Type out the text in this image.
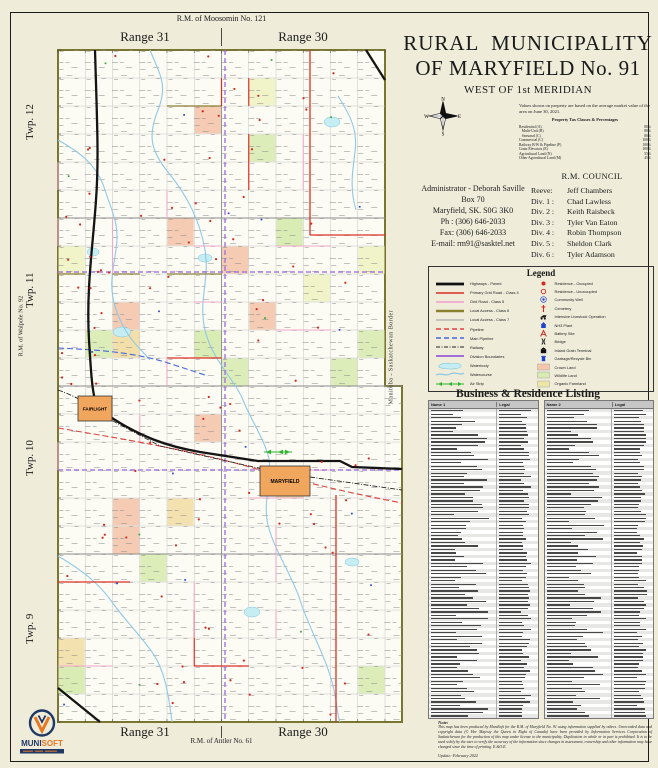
FAIRLIGHT
MARYFIELD
R.M. of Moosomin No. 121
Range 31	Range 30
Range 31	Range 30
R.M. of Antler No. 61
Twp. 12
Twp. 11
Twp. 10
Twp. 9
R.M. of Walpole No. 92	Manitoba - Saskatchewan Border
RURAL  MUNICIPALITY
OF MARYFIELD No. 91
WEST OF 1st MERIDIAN
N
S
W	E
Values shown on property are based on the average market value of the area on June 30, 2021.
Property Tax Classes & Percentages
Residential (A)	80%
Multi-Unit (B)	80%
Seasonal (C)	80%
Commercial (C)	100%
Railway R/W & Pipeline (P)	100%
Grain Elevators (E)	100%
Agricultural Land (N)	55%
Other Agricultural Land (M)	45%
Administrator - Deborah Saville
Box 70
Maryfield, SK. S0G 3K0
Ph : (306) 646-2033
Fax: (306) 646-2033
E-mail: rm91@sasktel.net
R.M. COUNCIL
Reeve:	Jeff Chambers
Div. 1 :	Chad Lawless
Div. 2 :	Keith Raisbeck
Div. 3 :	Tyler Van Eaton
Div. 4 :	Robin Thompson
Div. 5 :	Sheldon Clark
Div. 6 :	Tyler Adamson
Legend
Highways - Paved
Primary Grid Road - Class 4
Grid Road - Class 5
Local Access - Class 6
Local Access - Class 7
Pipeline
Main Pipeline
Railway
Division Boundaries
Waterbody
Watercourse
Air Strip
Residence - Occupied
Residence - Unoccupied
Community Well
Cemetery
Intensive Livestock Operation
NH3 Plant
Battery Site
Bridge
Inland Grain Terminal
Garbage/Recycle Bin
Crown Land
Wildlife Land
Organic Farmland
Business & Residence Listing
Name 1	Legal	Name 2	Legal
Note:
This map has been produced by MuniSoft for the R.M. of Maryfield No. 91 using information supplied by others. Unrecorded data and copyright data (© Her Majesty the Queen in Right of Canada) have been provided by Information Services Corporation of Saskatchewan for the production of this map under license to the municipality. Duplication in whole or in part is prohibited. It is to be used solely by the user to verify the accuracy of the information since changes in assessment, ownership and other information may have changed since the time of printing. E.&O.E.
Update: February 2022
MUNISOFT
